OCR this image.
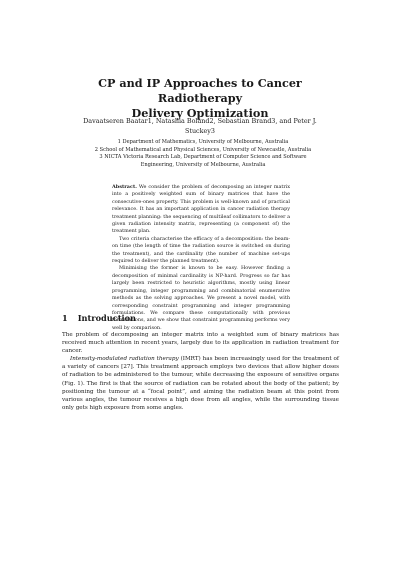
CP and IP Approaches to Cancer Radiotherapy
Delivery Optimization
Davaatseren Baatar1, Natashia Boland2, Sebastian Brand3, and Peter J.
Stuckey3
1 Department of Mathematics, University of Melbourne, Australia
2 School of Mathematical and Physical Sciences, University of Newcastle, Australia
3 NICTA Victoria Research Lab, Department of Computer Science and Software
Engineering, University of Melbourne, Australia

Abstract. We consider the problem of decomposing an integer matrix into a positively weighted sum of binary matrices that have the consecutive-ones property. This problem is well-known and of practical relevance. It has an important application in cancer radiation therapy treatment planning: the sequencing of multileaf collimators to deliver a given radiation intensity matrix, representing (a component of) the treatment plan.

Two criteria characterise the efficacy of a decomposition: the beam-on time (the length of time the radiation source is switched on during the treatment), and the cardinality (the number of machine set-ups required to deliver the planned treatment).

Minimising the former is known to be easy. However finding a decomposition of minimal cardinality is NP-hard. Progress so far has largely been restricted to heuristic algorithms, mostly using linear programming, integer programming and combinatorial enumerative methods as the solving approaches. We present a novel model, with corresponding constraint programming and integer programming formulations. We compare these computationally with previous formulations, and we show that constraint programming performs very well by comparison.

1 Introduction

The problem of decomposing an integer matrix into a weighted sum of binary matrices has received much attention in recent years, largely due to its application in radiation treatment for cancer.

Intensity-modulated radiation therapy (IMRT) has been increasingly used for the treatment of a variety of cancers [27]. This treatment approach employs two devices that allow higher doses of radiation to be administered to the tumour, while decreasing the exposure of sensitive organs (Fig. 1). The first is that the source of radiation can be rotated about the body of the patient; by positioning the tumour at a “focal point”, and aiming the radiation beam at this point from various angles, the tumour receives a high dose from all angles, while the surrounding tissue only gets high exposure from some angles.
